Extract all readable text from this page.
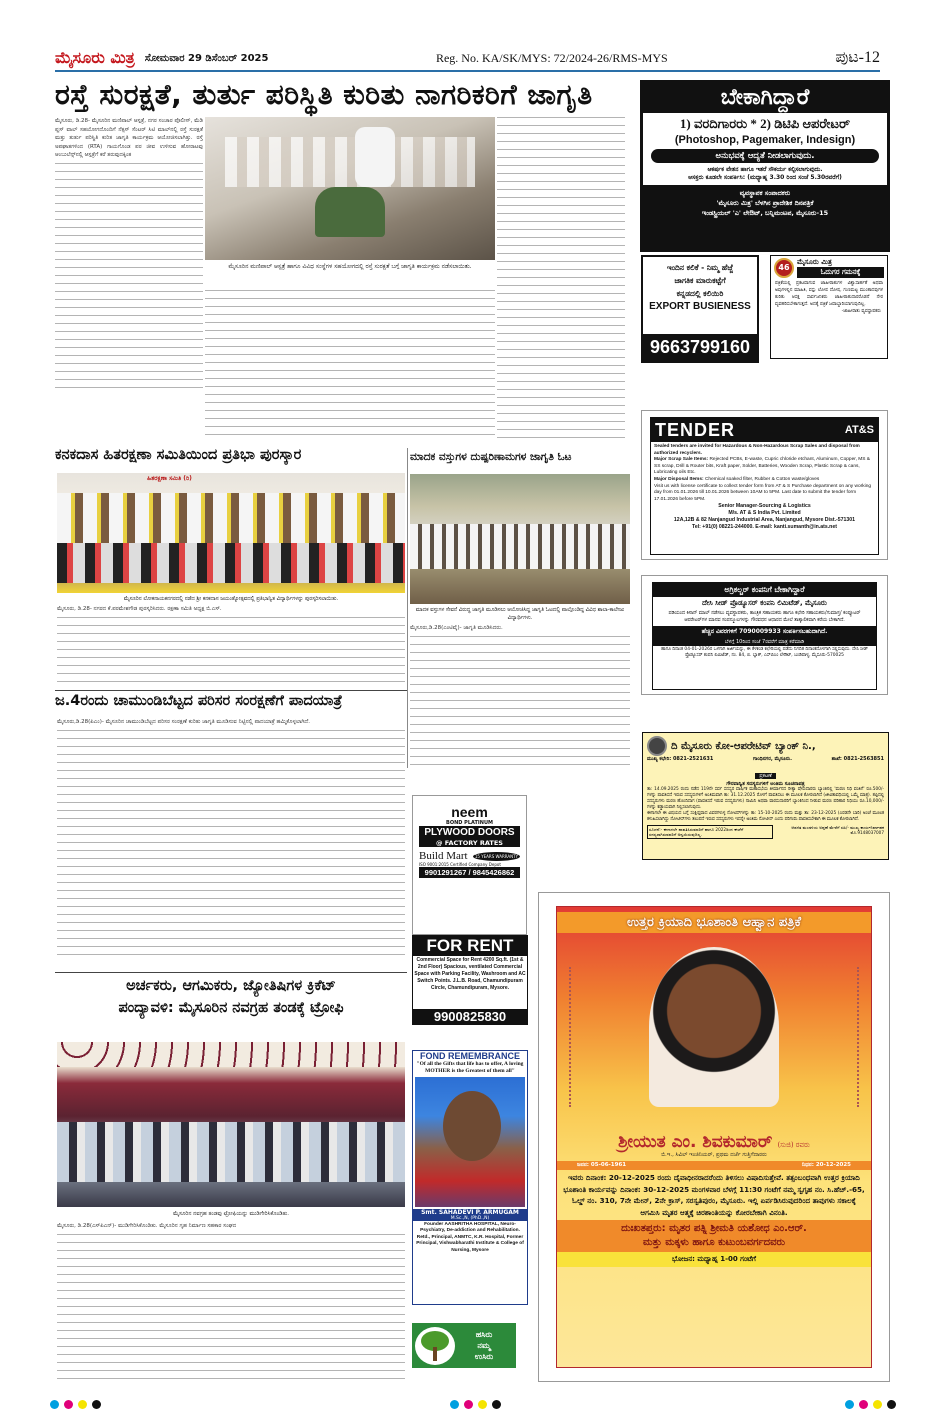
ಮೈಸೂರು ಮಿತ್ರ ಸೋಮವಾರ 29 ಡಿಸೆಂಬರ್ 2025	Reg. No. KA/SK/MYS: 72/2024-26/RMS-MYS	ಪುಟ-12
ರಸ್ತೆ ಸುರಕ್ಷತೆ, ತುರ್ತು ಪರಿಸ್ಥಿತಿ ಕುರಿತು ನಾಗರಿಕರಿಗೆ ಜಾಗೃತಿ
ಮೈಸೂರು, ಡಿ.28- ಮೈಸೂರಿನ ಮಣಿಪಾಲ್ ಆಸ್ಪತ್ರೆ, ನಗರ ಸಂಚಾರ ಪೊಲೀಸ್, ಮೆಡಿ ಪ್ಲಸ್ ವಾಲ್ ಸಹಯೋಗದೊಂದಿಗೆ ನೆಕ್ಸಸ್ ಸೆಂಟರ್ ಸಿಟಿ ಮಾಲ್‌ನಲ್ಲಿ ರಸ್ತೆ ಸುರಕ್ಷತೆ ಮತ್ತು ತುರ್ತು ಪರಿಸ್ಥಿತಿ ಕುರಿತ ಜಾಗೃತಿ ಕಾರ್ಯಕ್ರಮ ಆಯೋಜಿಸಲಾಗಿತ್ತು. ರಸ್ತೆ ಅಪಘಾತಗಳಿಂದ (RTA) ಗಾಯಗೊಂಡ ಪರ ಜೀವ ಉಳಿಸುವ ಹೋರಾಟವು ಆಂಬುಲೆನ್ಸ್‌ನಲ್ಲಿ ಆಸ್ಪತ್ರೆಗೆ ಕರೆ ತರುವುದಕ್ಕಿಂತ
ಮೈಸೂರಿನ ಮಣಿಪಾಲ್ ಆಸ್ಪತ್ರೆ ಹಾಗೂ ವಿವಿಧ ಸಂಸ್ಥೆಗಳ ಸಹಯೋಗದಲ್ಲಿ ರಸ್ತೆ ಸುರಕ್ಷತೆ ಬಗ್ಗೆ ಜಾಗೃತಿ ಕಾರ್ಯಕ್ರಮ ನಡೆಸಲಾಯಿತು.
ಬೇಕಾಗಿದ್ದಾರೆ
1) ವರದಿಗಾರರು * 2) ಡಿಟಿಪಿ ಆಪರೇಟರ್
(Photoshop, Pagemaker, Indesign)
ಅನುಭವಕ್ಕೆ ಆದ್ಯತೆ ನೀಡಲಾಗುವುದು.
ಆಕರ್ಷಕ ವೇತನ ಹಾಗೂ ಇತರೆ ಸೌಕರ್ಯ ಕಲ್ಪಿಸಲಾಗುವುದು.
ಆಸಕ್ತರು ಕೂಡಲೇ ಸಂಪರ್ಕಿಸಿ: (ಮಧ್ಯಾಹ್ನ 3.30 ರಿಂದ ಸಂಜೆ 5.30ರವರೆಗೆ)
ವ್ಯವಸ್ಥಾಪಕ ಸಂಪಾದಕರು
'ಮೈಸೂರು ಮಿತ್ರ' ಬೆಳಗಿನ ಪ್ರಾದೇಶಿಕ ದಿನಪತ್ರಿಕೆ
ಇಂಡಸ್ಟ್ರಿಯಲ್ 'ಎ' ಲೇಔಟ್, ಬನ್ನಿಮಂಟಪ, ಮೈಸೂರು-15
ಇಂದಿನ ಕಲಿಕೆ - ನಿಮ್ಮ ಹೆಜ್ಜೆ
ಜಾಗತಿಕ ಮಾರುಕಟ್ಟೆಗೆ
ಕನ್ನಡದಲ್ಲಿ ಕಲಿಯಿರಿ
EXPORT BUSIENESS
9663799160
46
ಮೈಸೂರು ಮಿತ್ರ
ಓದುಗರ ಗಮನಕ್ಕೆ
ಪತ್ರಿಕೆಯಲ್ಲಿ ಪ್ರಕಟವಾಗುವ ಜಾಹೀರಾತುಗಳ ವಿಶ್ವಾಸಾರ್ಹತೆ ಅಥವಾ ಅವುಗಳಲ್ಲಿನ ಮಾಹಿತಿ, ವಸ್ತು ಲೋಪ ದೋಷ, ಗುಣಮಟ್ಟ ಮುಂತಾದವುಗಳ ಕುರಿತು ಆಸಕ್ತ ಸಾರ್ವಜನಿಕರು ಜಾಹೀರಾತುದಾರರೊಡನೆ ನೇರ ವ್ಯವಹರಿಸಬೇಕಾಗುತ್ತದೆ. ಅದಕ್ಕೆ ಪತ್ರಿಕೆ ಜವಾಬ್ದಾರಿಯಾಗುವುದಿಲ್ಲ.
-ಜಾಹೀರಾತು ವ್ಯವಸ್ಥಾಪಕರು
TENDER	AT&S
Sealed tenders are invited for Hazardous & Non-Hazardous Scrap Sales and disposal from authorized recyclers.
Major Scrap Sale Items: Rejected PCBs, E-waste, Cupric chloride etchant, Aluminum, Copper, MS & SS scrap, Drill & Router bits, Kraft paper, Solder, Batteries, Wooden Scrap, Plastic Scrap & cans, Lubricating oils Etc.
Major Disposal Items: Chemical soaked filter, Rubber & Cotton waste/gloves
Visit us with license certificate to collect tender form from AT & S Purchase department on any working day from 01.01.2026 till 10.01.2026 between 10AM to 5PM. Last date to submit the tender form 17.01.2026 before 5PM.
Senior Manager-Sourcing & Logistics
M/s. AT & S India Pvt. Limited
12A,12B & 82 Nanjangud Industrial Area, Nanjangud, Mysore Dist.-571301
Tel: +91(0) 08221-244000. E-mail: kanti.sumanth@in.ats.net
ಅಗ್ರಿಕಲ್ಚರ್ ಕಂಪನಿಗೆ ಬೇಕಾಗಿದ್ದಾರೆ
ದೇಸಿ ಸೀಡ್ ಪ್ರೊಡ್ಯೂಸರ್ ಕಂಪನಿ ಲಿಮಿಟೆಡ್, ಮೈಸೂರು
ಪಡಿಯಂದ ಕಿಸಾನ್ ಮಾಲ್ ನಡೆಸಲು ವ್ಯವಸ್ಥಾಪಕರು, ತಾಂತ್ರಿಕ ಸಹಾಯಕರು ಹಾಗೂ ಕಛೇರಿ ಸಹಾಯಕರು/ಗುಮಾಸ್ತ/ ಕಂಪ್ಯೂಟರ್ ಆಪರೇಟರ್‌ಗಳ ಮಾನವ ಸಂಪನ್ಮೂಲಗಳನ್ನು ಗೌರವಧನ ಆಧಾರದ ಮೇಲೆ ತಾತ್ಕಾಲಿಕವಾಗಿ ಕರೆಯ ಬೇಕಾಗಿದೆ.
ಹೆಚ್ಚಿನ ವಿವರಗಳಿಗೆ 7090009933 ಸಂಪರ್ಕಿಸಬಹುದಾಗಿದೆ.
ಬೆಳಗ್ಗೆ 10ರಿಂದ ಸಂಜೆ 7ರವರೆಗೆ ಮಾತ್ರ ಕರೆಮಾಡಿ
ಹಾಗೂ ದಿನಾಂಕ 04-01-2026ರ ಒಳಗಾಗಿ ಅರ್ಜಿಯನ್ನು, ಈ ಕೆಳಕಂಡ ಕಛೇರಿಯಲ್ಲಿ ಪಡೆದು ನಿಗದಿತ ದಿನಾಂಕದೊಳಗಾಗಿ ಸಲ್ಲಿಸುವುದು. ದೇಸಿ ಸೀಡ್ ಪ್ರೊಡ್ಯೂಸರ್ ಕಂಪನಿ ಲಿಮಿಟೆಡ್, ನಂ. 84, ಬಿ. ಬ್ಲಾಕ್, ಎಸ್‌ಬಿಎಂ ಲೇಔಟ್, ಬಂಡಿಪಾಳ್ಯ, ಮೈಸೂರು-570025
ದಿ ಮೈಸೂರು ಕೋ-ಆಪರೇಟಿವ್ ಬ್ಯಾಂಕ್ ನಿ.,
ಮುಖ್ಯ ಕಛೇರಿ: 0821-2521631	ಗಾಂಧಿನಗರ, ಮೈಸೂರು.	ಶಾಖೆ: 0821-2563851
ಪ್ರಕಟಣೆ
ಗೌರವಾನ್ವಿತ ಸದಸ್ಯರುಗಳಿಗೆ ಅಂತಿಮ ಸೂಚನಾಪತ್ರ
ತಾ: 14.09.2025 ರಂದು ನಡೆದ 119ನೇ ಸರ್ವ ಸದಸ್ಯರ ವಾರ್ಷಿಕ ಮಹಾಸಭೆಯ ತೀರ್ಮಾನದ ರೀತ್ಯಾ ಷೇರುದಾರರು ಬ್ಯಾಂಕಿನಲ್ಲಿ 'ಮರಣ ನಿಧಿ ವಂತಿಗೆ' ರೂ.500/- ಗಳನ್ನು ಪಾವತಿಸದೆ ಇರುವ ಸದಸ್ಯರುಗಳಿಗೆ ಅಂತಿಮವಾಗಿ ತಾ: 31.12.2025 ರೊಳಗೆ ಪಾವತಿಸಲು ಈ ಮೂಲಕ ಕೋರಲಾಗಿದೆ (ಜೀವಿತಾವಧಿಯಲ್ಲಿ ಒಮ್ಮೆ ಮಾತ್ರ). ತಪ್ಪಿದಲ್ಲಿ ಸದಸ್ಯರುಗಳು ಮರಣ ಹೊಂದಿದಾಗ (ಪಾವತಿಸದೆ ಇರುವ ಸದಸ್ಯರುಗಳು) ನಾಮಿನಿ ಅಥವಾ ವಾರಸುದಾರರಿಗೆ ಬ್ಯಾಂಕಿನಿಂದ ನೀಡುವ ಮರಣ ಪರಿಹಾರ ನಿಧಿಯು ರೂ.10,000/-ಗಳನ್ನು ಕಡ್ಡಾಯವಾಗಿ ನಿಲ್ಲಿಸಲಾಗುವುದು.
ಈಗಾಗಲೇ ಈ ವಿಷಯದ ಬಗ್ಗೆ ಸಂಕ್ಷಿಪ್ತವಾದ ವಿವರಗಳುಳ್ಳ ನೋಟಿಸ್‌ಗಳನ್ನು ತಾ: 15-10-2025 ರಂದು ಮತ್ತು ತಾ: 23-12-2025 (ಎರಡನೇ ಬಾರಿ) ಅಂಚೆ ಮೂಲಕ ಕಳುಹಿಸಲಾಗಿದ್ದು ನೋಟೀಸ್‌ಗಳು ತಲುಪದೆ ಇರುವ ಸದಸ್ಯರುಗಳು ಇದನ್ನೇ ಅಂತಿಮ ನೋಟೀಸ್ ಎಂದು ಪರಿಗಣಿಸಿ ಪಾವತಿಸಬೇಕಾಗಿ ಈ ಮೂಲಕ ಕೋರಲಾಗಿದೆ.
ಸೂಚನೆ:- ಈಗಾಗಲೇ ಪಾವತಿಸಿರುವವರಿಗೆ ಹಾಗೂ 2022ರಿಂದ ಈಚೆಗೆ ಸದಸ್ಯರಾಗಿರುವವರಿಗೆ ಅನ್ವಯಿಸುವುದಿಲ್ಲ.
ಆಡಳಿತ ಮಂಡಳಿಯ ಅಪ್ಪಣೆ ಮೇರೆಗೆ ಸಹಿ/- ಮುಖ್ಯ ಕಾರ್ಯನಿರ್ವಾಹಕ ಮೊ.9148037007
ಕನಕದಾಸ ಹಿತರಕ್ಷಣಾ ಸಮಿತಿಯಿಂದ ಪ್ರತಿಭಾ ಪುರಸ್ಕಾರ
ಹಿತರಕ್ಷಣಾ ಸಮಿತಿ (ರಿ)
ಮೈಸೂರಿನ ಲೋಕನಾಯಕನಗರದಲ್ಲಿ ನಡೆದ ಶ್ರೀ ಕನಕದಾಸ ಜಯಂತ್ಯೋತ್ಸವದಲ್ಲಿ ಪ್ರತಿಭಾನ್ವಿತ ವಿದ್ಯಾರ್ಥಿಗಳನ್ನು ಪುರಸ್ಕರಿಸಲಾಯಿತು.
ಮೈಸೂರು, ಡಿ.28- ನಗರದ ಕೆ.ಪರಮೇಶಗೌಡ ಪುರಸ್ಕರಿಸಿದರು. ರಕ್ಷಣಾ ಸಮಿತಿ ಅಧ್ಯಕ್ಷ ಬಿ.ಎಸ್.
ಮಾದಕ ವಸ್ತುಗಳ ದುಷ್ಪರಿಣಾಮಗಳ ಜಾಗೃತಿ ಓಟ
ಮಾದಕ ವಸ್ತುಗಳ ಸೇವನೆ ವಿರುದ್ಧ ಜಾಗೃತಿ ಮೂಡಿಸಲು ಆಯೋಜಿಸಿದ್ದ ಜಾಗೃತಿ ಓಟದಲ್ಲಿ ಪಾಲ್ಗೊಂಡಿದ್ದ ವಿವಿಧ ಶಾಲಾ-ಕಾಲೇಜು ವಿದ್ಯಾರ್ಥಿಗಳು.
ಮೈಸೂರು,ಡಿ.28(ಎಂಟಿವೈ)- ಜಾಗೃತಿ ಮೂಡಿಸಿದರು.
ಜ.4ರಂದು ಚಾಮುಂಡಿಬೆಟ್ಟದ ಪರಿಸರ ಸಂರಕ್ಷಣೆಗೆ ಪಾದಯಾತ್ರೆ
ಮೈಸೂರು,ಡಿ.28(ಪಿಎಂ)- ಮೈಸೂರಿನ ಚಾಮುಂಡಿಬೆಟ್ಟದ ಪರಿಸರ ಸಂರಕ್ಷಣೆ ಕುರಿತು ಜಾಗೃತಿ ಮೂಡಿಸುವ ನಿಟ್ಟಿನಲ್ಲಿ ಪಾದಯಾತ್ರೆ ಹಮ್ಮಿಕೊಳ್ಳಲಾಗಿದೆ.
neem
BOND PLATINUM
PLYWOOD DOORS
@ FACTORY RATES
Build Mart	15 YEARS WARRANTY
ISO 9001:2015 Certified Company Depot
9901291267 / 9845426862
FOR RENT
Commercial Space for Rent 4200 Sq.ft. (1st & 2nd Floor) Spacious, ventilated Commercial Space with Parking Facility, Washroom and AC Switch Points. J.L.B. Road, Chamundipuram Circle, Chamundipuram, Mysore.
9900825830
ಅರ್ಚಕರು, ಆಗಮಿಕರು, ಜ್ಯೋತಿಷಿಗಳ ಕ್ರಿಕೆಟ್
ಪಂದ್ಯಾವಳಿ: ಮೈಸೂರಿನ ನವಗ್ರಹ ತಂಡಕ್ಕೆ ಟ್ರೋಫಿ
ಮೈಸೂರಿನ ನವಗ್ರಹ ತಂಡವು ಟ್ರೋಫಿಯನ್ನು ಮುಡಿಗೇರಿಸಿಕೊಂಡಿತು.
ಮೈಸೂರು, ಡಿ.28(ಎಸ್‌ಪಿಎನ್)- ಮುಡಿಗೇರಿಸಿಕೊಂಡಿತು. ಮೈಸೂರಿನ ಗೃಹ ನಿರ್ಮಾಣ ಸಹಕಾರ ಸಂಘದ
FOND REMEMBRANCE
"Of all the Gifts that life has to offer, A loving MOTHER is the Greatest of them all"
Smt. SAHADEVI P. ARMUGAM
M.Sc.,N, (PhD.,N)
Founder AASHRITHA HOSPITAL, Neuro-Psychiatry, De-addiction and Rehabilitation. Retd., Principal, ANMTC, K.R. Hospital, Former Principal, Vishwabharathi Institute & College of Nursing, Mysore
ಹಸಿರು
ನಮ್ಮ
ಉಸಿರು
ಉತ್ತರ ಕ್ರಿಯಾದಿ ಭೂಶಾಂತಿ ಆಹ್ವಾನ ಪತ್ರಿಕೆ
ಶ್ರೀಯುತ ಎಂ. ಶಿವಕುಮಾರ್ (ಸುಜಿ) ರವರು
ಬಿ.ಇ., ಸಿವಿಲ್ ಇಂಜಿನಿಯರ್, ಪ್ರಥಮ ದರ್ಜೆ ಗುತ್ತಿಗೆದಾರರು
ಜನನ: 05-06-1961	ನಿಧನ: 20-12-2025
ಇವರು ದಿನಾಂಕ: 20-12-2025 ರಂದು ದೈವಾಧೀನರಾದರೆಂದು ತಿಳಿಸಲು ವಿಷಾದಿಸುತ್ತೇವೆ. ತತ್ಸಂಬಂಧವಾಗಿ ಉತ್ತರ ಕ್ರಿಯಾದಿ ಭೂಶಾಂತಿ ಕಾರ್ಯವನ್ನು ದಿನಾಂಕ: 30-12-2025 ಮಂಗಳವಾರ ಬೆಳಗ್ಗೆ 11:30 ಗಂಟೆಗೆ ನಮ್ಮ ಸ್ವಗೃಹ ನಂ. ಸಿ.ಹೆಚ್.-65, ಓಲ್ಡ್ ನಂ. 310, 7ನೇ ಮೇನ್, 2ನೇ ಕ್ರಾಸ್, ಸರಸ್ವತಿಪುರಂ, ಮೈಸೂರು. ಇಲ್ಲಿ ಏರ್ಪಡಿಸಿರುವುದರಿಂದ ತಾವುಗಳು ಸಕಾಲಕ್ಕೆ ಆಗಮಿಸಿ ಮೃತರ ಆತ್ಮಕ್ಕೆ ಚಿರಶಾಂತಿಯನ್ನು ಕೋರಬೇಕಾಗಿ ವಿನಂತಿ.
ದುಃಖತಪ್ತರು: ಮೃತರ ಪತ್ನಿ ಶ್ರೀಮತಿ ಯಶೋಧ ಎಂ.ಆರ್.
ಮತ್ತು ಮಕ್ಕಳು ಹಾಗೂ ಕುಟುಂಬವರ್ಗದವರು
ಭೋಜನ: ಮಧ್ಯಾಹ್ನ 1-00 ಗಂಟೆಗೆ
